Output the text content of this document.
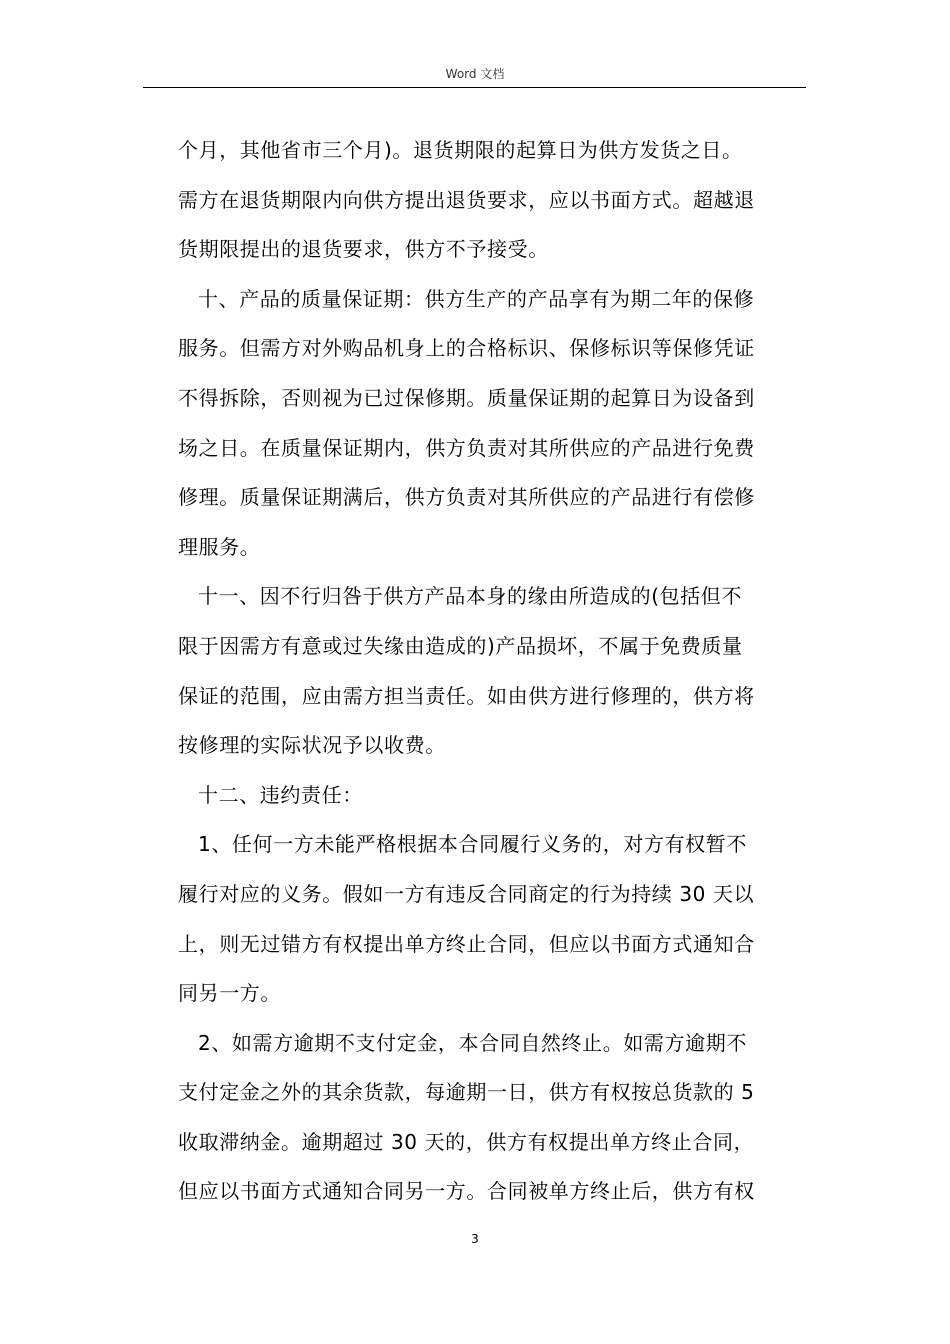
Word 文档

个月，其他省市三个月)。退货期限的起算日为供方发货之日。

需方在退货期限内向供方提出退货要求，应以书面方式。超越退

货期限提出的退货要求，供方不予接受。

十、产品的质量保证期：供方生产的产品享有为期二年的保修

服务。但需方对外购品机身上的合格标识、保修标识等保修凭证

不得拆除，否则视为已过保修期。质量保证期的起算日为设备到

场之日。在质量保证期内，供方负责对其所供应的产品进行免费

修理。质量保证期满后，供方负责对其所供应的产品进行有偿修

理服务。

十一、因不行归咎于供方产品本身的缘由所造成的(包括但不

限于因需方有意或过失缘由造成的)产品损坏，不属于免费质量

保证的范围，应由需方担当责任。如由供方进行修理的，供方将

按修理的实际状况予以收费。

十二、违约责任：

1、任何一方未能严格根据本合同履行义务的，对方有权暂不

履行对应的义务。假如一方有违反合同商定的行为持续 30 天以

上，则无过错方有权提出单方终止合同，但应以书面方式通知合

同另一方。

2、如需方逾期不支付定金，本合同自然终止。如需方逾期不

支付定金之外的其余货款，每逾期一日，供方有权按总货款的 5

收取滞纳金。逾期超过 30 天的，供方有权提出单方终止合同，

但应以书面方式通知合同另一方。合同被单方终止后，供方有权

3
